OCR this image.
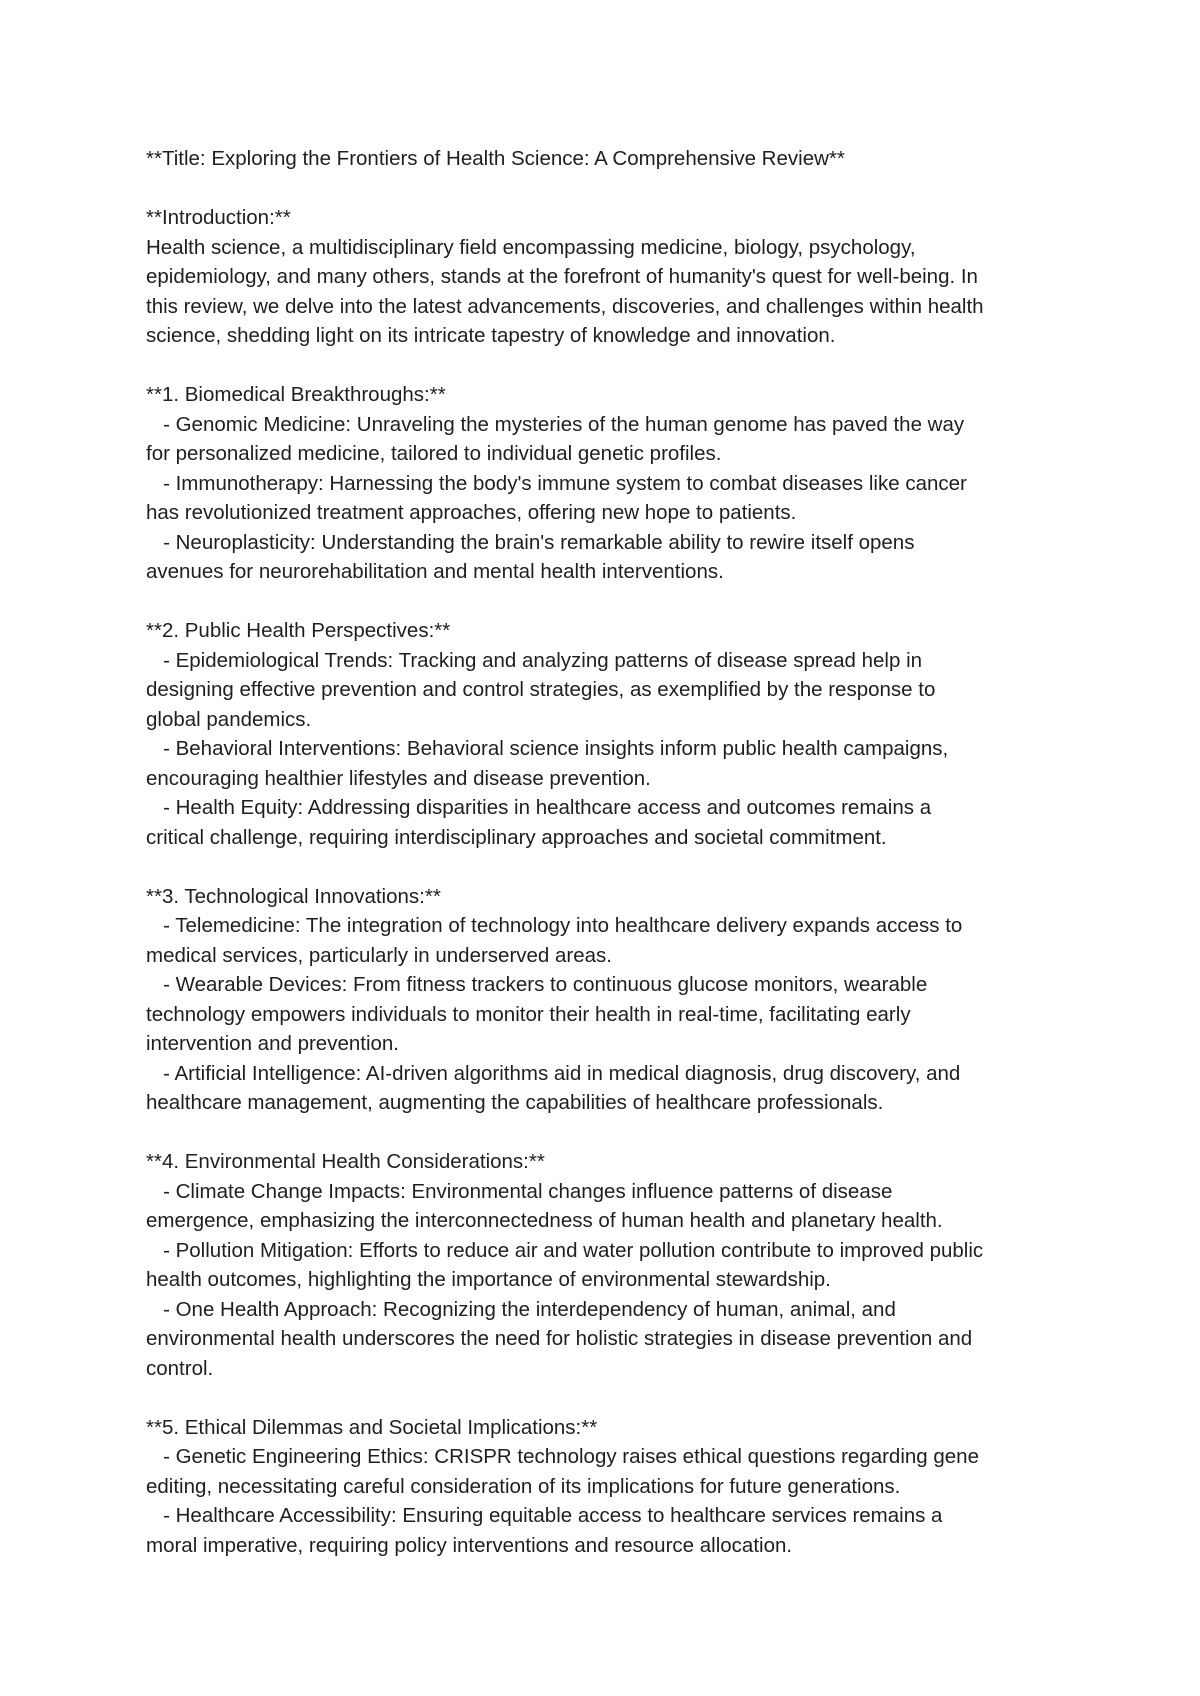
**Title: Exploring the Frontiers of Health Science: A Comprehensive Review**
**Introduction:**
Health science, a multidisciplinary field encompassing medicine, biology, psychology,
epidemiology, and many others, stands at the forefront of humanity's quest for well-being. In
this review, we delve into the latest advancements, discoveries, and challenges within health
science, shedding light on its intricate tapestry of knowledge and innovation.
**1. Biomedical Breakthroughs:**
- Genomic Medicine: Unraveling the mysteries of the human genome has paved the way
for personalized medicine, tailored to individual genetic profiles.
- Immunotherapy: Harnessing the body's immune system to combat diseases like cancer
has revolutionized treatment approaches, offering new hope to patients.
- Neuroplasticity: Understanding the brain's remarkable ability to rewire itself opens
avenues for neurorehabilitation and mental health interventions.
**2. Public Health Perspectives:**
- Epidemiological Trends: Tracking and analyzing patterns of disease spread help in
designing effective prevention and control strategies, as exemplified by the response to
global pandemics.
- Behavioral Interventions: Behavioral science insights inform public health campaigns,
encouraging healthier lifestyles and disease prevention.
- Health Equity: Addressing disparities in healthcare access and outcomes remains a
critical challenge, requiring interdisciplinary approaches and societal commitment.
**3. Technological Innovations:**
- Telemedicine: The integration of technology into healthcare delivery expands access to
medical services, particularly in underserved areas.
- Wearable Devices: From fitness trackers to continuous glucose monitors, wearable
technology empowers individuals to monitor their health in real-time, facilitating early
intervention and prevention.
- Artificial Intelligence: AI-driven algorithms aid in medical diagnosis, drug discovery, and
healthcare management, augmenting the capabilities of healthcare professionals.
**4. Environmental Health Considerations:**
- Climate Change Impacts: Environmental changes influence patterns of disease
emergence, emphasizing the interconnectedness of human health and planetary health.
- Pollution Mitigation: Efforts to reduce air and water pollution contribute to improved public
health outcomes, highlighting the importance of environmental stewardship.
- One Health Approach: Recognizing the interdependency of human, animal, and
environmental health underscores the need for holistic strategies in disease prevention and
control.
**5. Ethical Dilemmas and Societal Implications:**
- Genetic Engineering Ethics: CRISPR technology raises ethical questions regarding gene
editing, necessitating careful consideration of its implications for future generations.
- Healthcare Accessibility: Ensuring equitable access to healthcare services remains a
moral imperative, requiring policy interventions and resource allocation.
